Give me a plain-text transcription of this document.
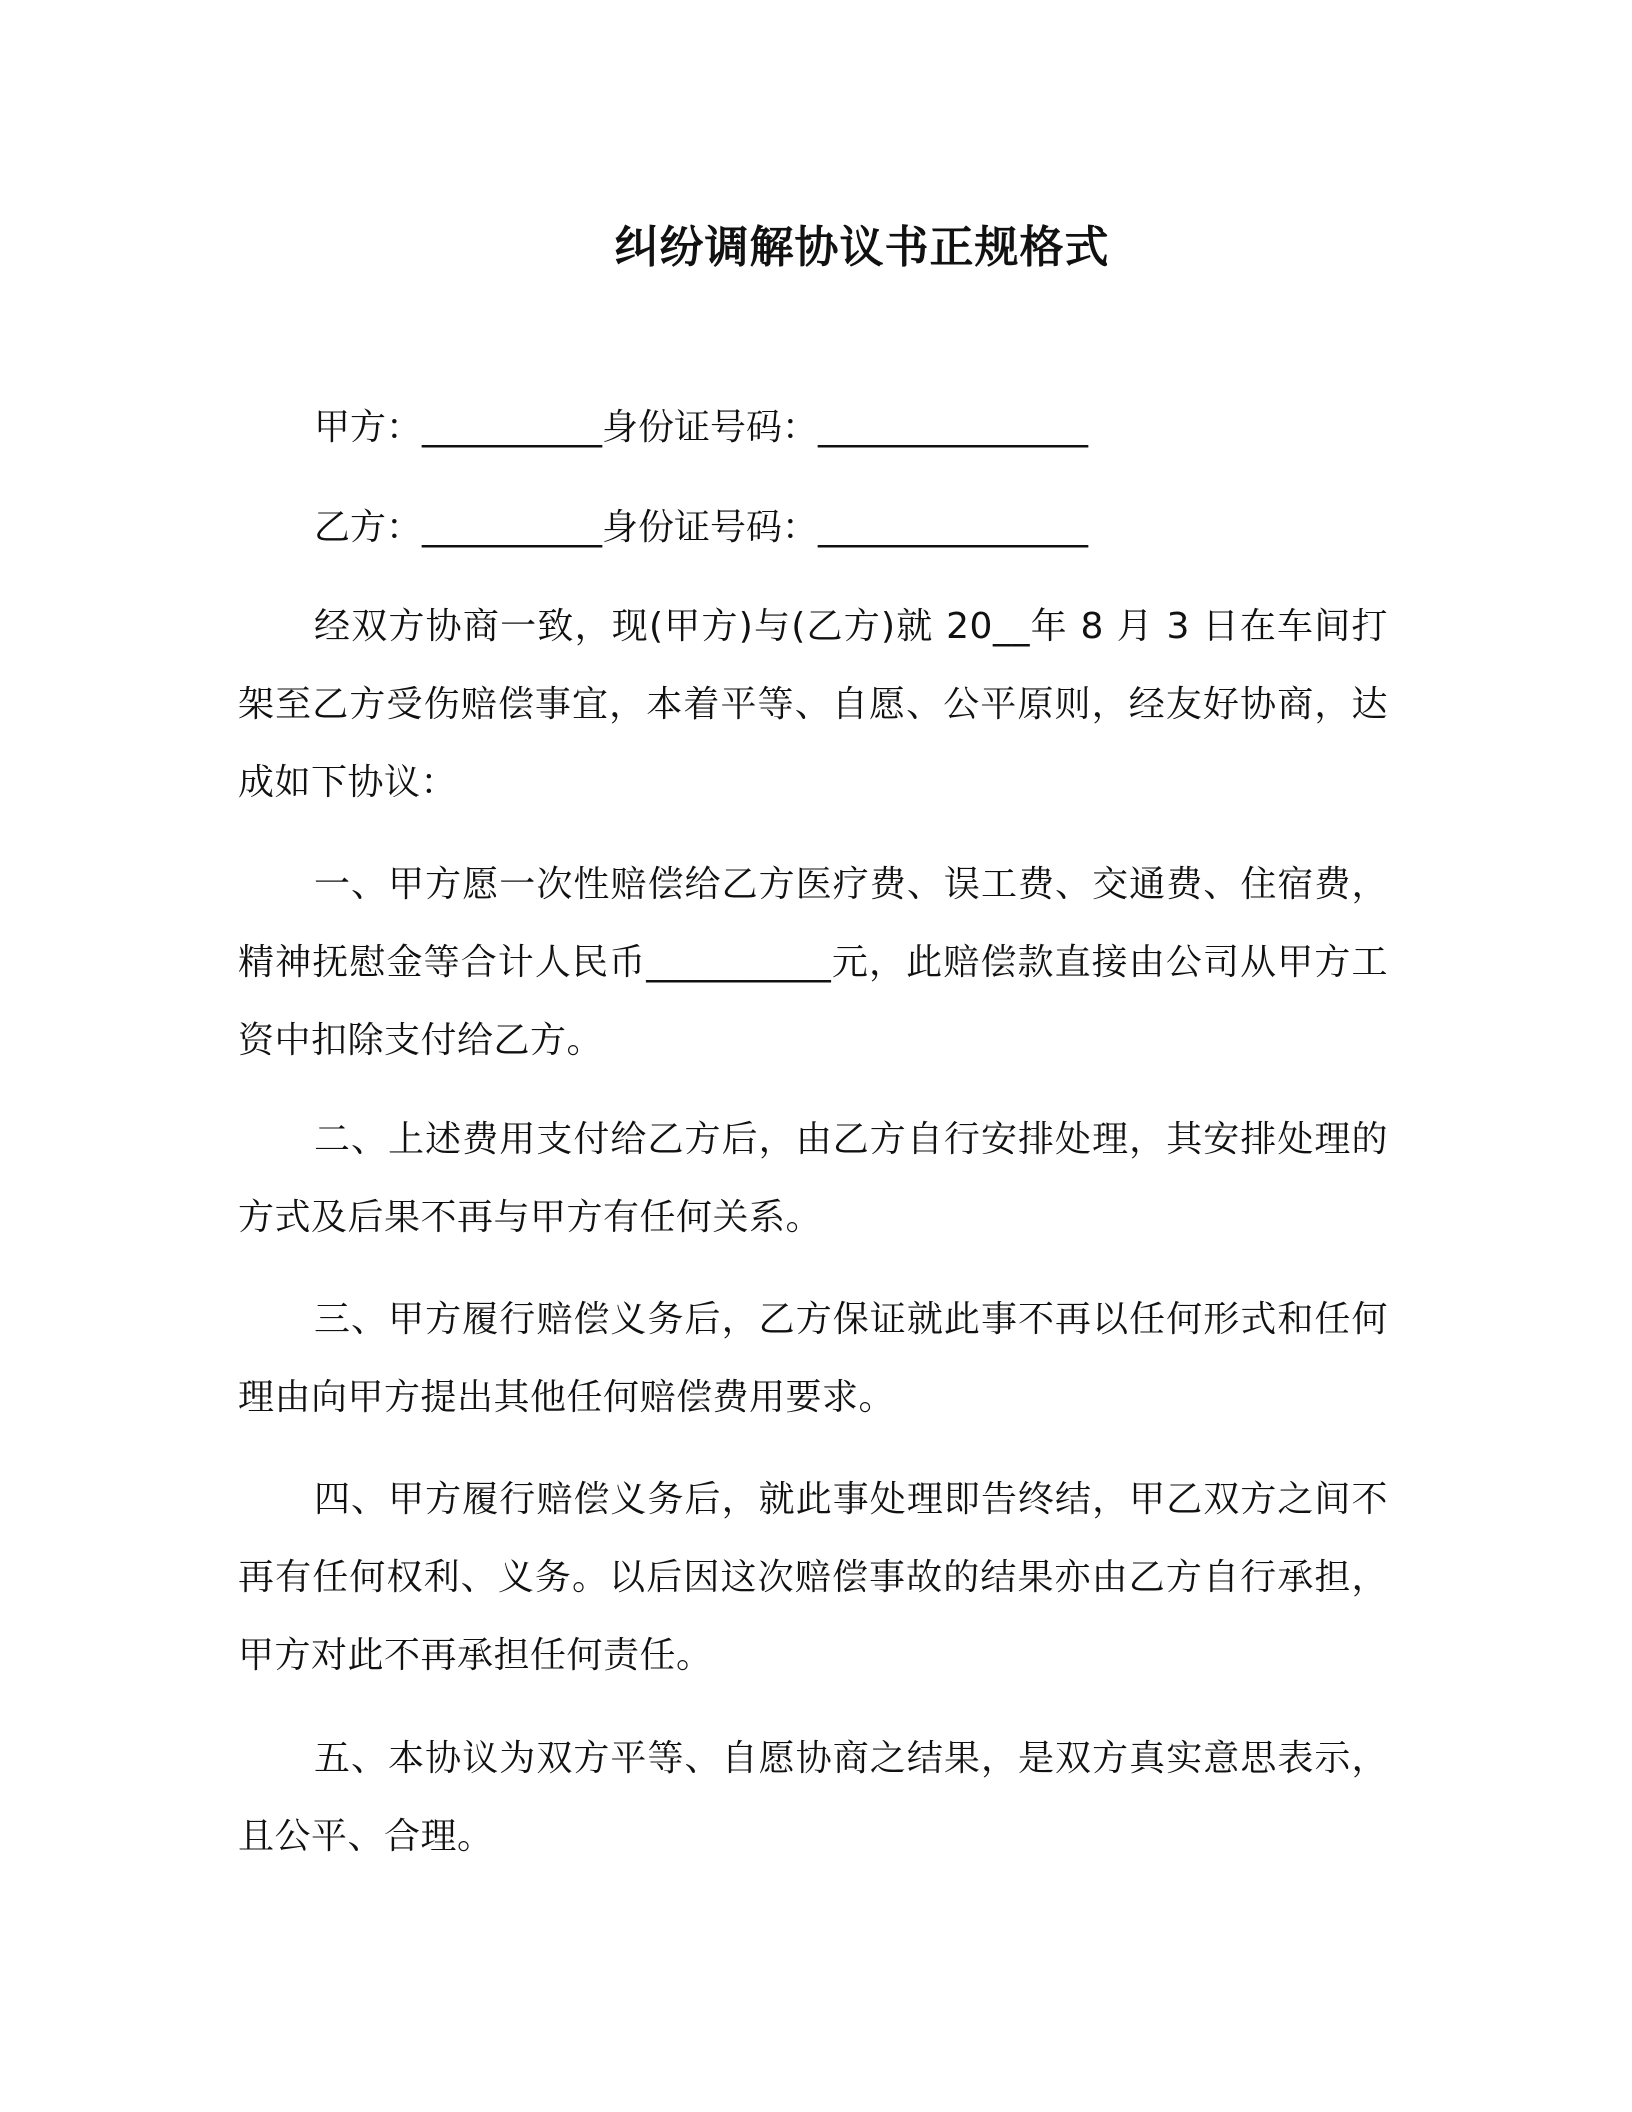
纠纷调解协议书正规格式
甲方：__________身份证号码：_______________
乙方：__________身份证号码：_______________
经双方协商一致，现(甲方)与(乙方)就 20__年 8 月 3 日在车间打架至乙方受伤赔偿事宜，本着平等、自愿、公平原则，经友好协商，达成如下协议：
一、甲方愿一次性赔偿给乙方医疗费、误工费、交通费、住宿费，精神抚慰金等合计人民币__________元，此赔偿款直接由公司从甲方工资中扣除支付给乙方。
二、上述费用支付给乙方后，由乙方自行安排处理，其安排处理的方式及后果不再与甲方有任何关系。
三、甲方履行赔偿义务后，乙方保证就此事不再以任何形式和任何理由向甲方提出其他任何赔偿费用要求。
四、甲方履行赔偿义务后，就此事处理即告终结，甲乙双方之间不再有任何权利、义务。以后因这次赔偿事故的结果亦由乙方自行承担，甲方对此不再承担任何责任。
五、本协议为双方平等、自愿协商之结果，是双方真实意思表示，且公平、合理。
